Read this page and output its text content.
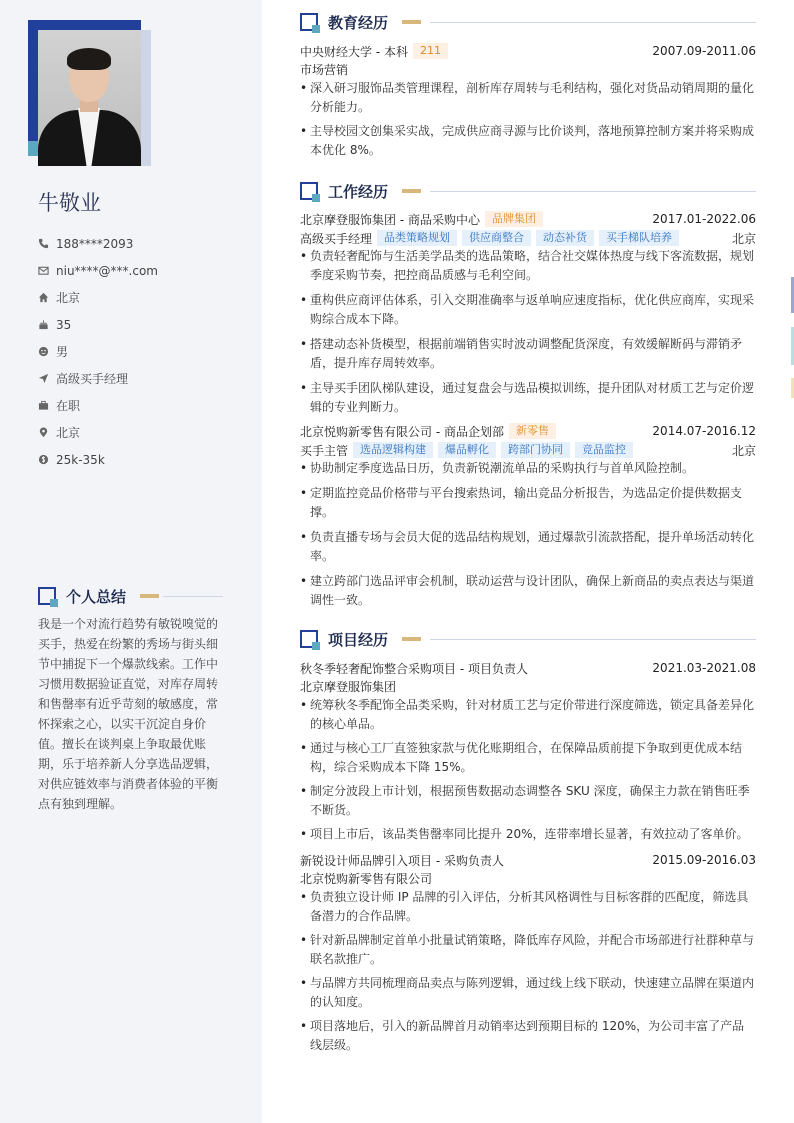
牛敬业
188****2093
niu****@***.com
北京
35
男
高级买手经理
在职
北京
25k-35k
个人总结
我是一个对流行趋势有敏锐嗅觉的买手，热爱在纷繁的秀场与街头细节中捕捉下一个爆款线索。工作中习惯用数据验证直觉，对库存周转和售罄率有近乎苛刻的敏感度，常怀探索之心，以实干沉淀自身价值。擅长在谈判桌上争取最优账期，乐于培养新人分享选品逻辑，对供应链效率与消费者体验的平衡点有独到理解。
教育经历
中央财经大学 - 本科	211	2007.09-2011.06
市场营销
• 深入研习服饰品类管理课程，剖析库存周转与毛利结构，强化对货品动销周期的量化分析能力。
• 主导校园文创集采实战，完成供应商寻源与比价谈判，落地预算控制方案并将采购成本优化 8%。
工作经历
北京摩登服饰集团 - 商品采购中心	品牌集团	2017.01-2022.06
高级买手经理	品类策略规划	供应商整合	动态补货	买手梯队培养	北京
• 负责轻奢配饰与生活美学品类的选品策略，结合社交媒体热度与线下客流数据，规划季度采购节奏，把控商品质感与毛利空间。
• 重构供应商评估体系，引入交期准确率与返单响应速度指标，优化供应商库，实现采购综合成本下降。
• 搭建动态补货模型，根据前端销售实时波动调整配货深度，有效缓解断码与滞销矛盾，提升库存周转效率。
• 主导买手团队梯队建设，通过复盘会与选品模拟训练，提升团队对材质工艺与定价逻辑的专业判断力。
北京悦购新零售有限公司 - 商品企划部	新零售	2014.07-2016.12
买手主管	选品逻辑构建	爆品孵化	跨部门协同	竞品监控	北京
• 协助制定季度选品日历，负责新锐潮流单品的采购执行与首单风险控制。
• 定期监控竞品价格带与平台搜索热词，输出竞品分析报告，为选品定价提供数据支撑。
• 负责直播专场与会员大促的选品结构规划，通过爆款引流款搭配，提升单场活动转化率。
• 建立跨部门选品评审会机制，联动运营与设计团队，确保上新商品的卖点表达与渠道调性一致。
项目经历
秋冬季轻奢配饰整合采购项目 - 项目负责人	2021.03-2021.08
北京摩登服饰集团
• 统筹秋冬季配饰全品类采购，针对材质工艺与定价带进行深度筛选，锁定具备差异化的核心单品。
• 通过与核心工厂直签独家款与优化账期组合，在保障品质前提下争取到更优成本结构，综合采购成本下降 15%。
• 制定分波段上市计划，根据预售数据动态调整各 SKU 深度，确保主力款在销售旺季不断货。
• 项目上市后，该品类售罄率同比提升 20%，连带率增长显著，有效拉动了客单价。
新锐设计师品牌引入项目 - 采购负责人	2015.09-2016.03
北京悦购新零售有限公司
• 负责独立设计师 IP 品牌的引入评估，分析其风格调性与目标客群的匹配度，筛选具备潜力的合作品牌。
• 针对新品牌制定首单小批量试销策略，降低库存风险，并配合市场部进行社群种草与联名款推广。
• 与品牌方共同梳理商品卖点与陈列逻辑，通过线上线下联动，快速建立品牌在渠道内的认知度。
• 项目落地后，引入的新品牌首月动销率达到预期目标的 120%，为公司丰富了产品线层级。
